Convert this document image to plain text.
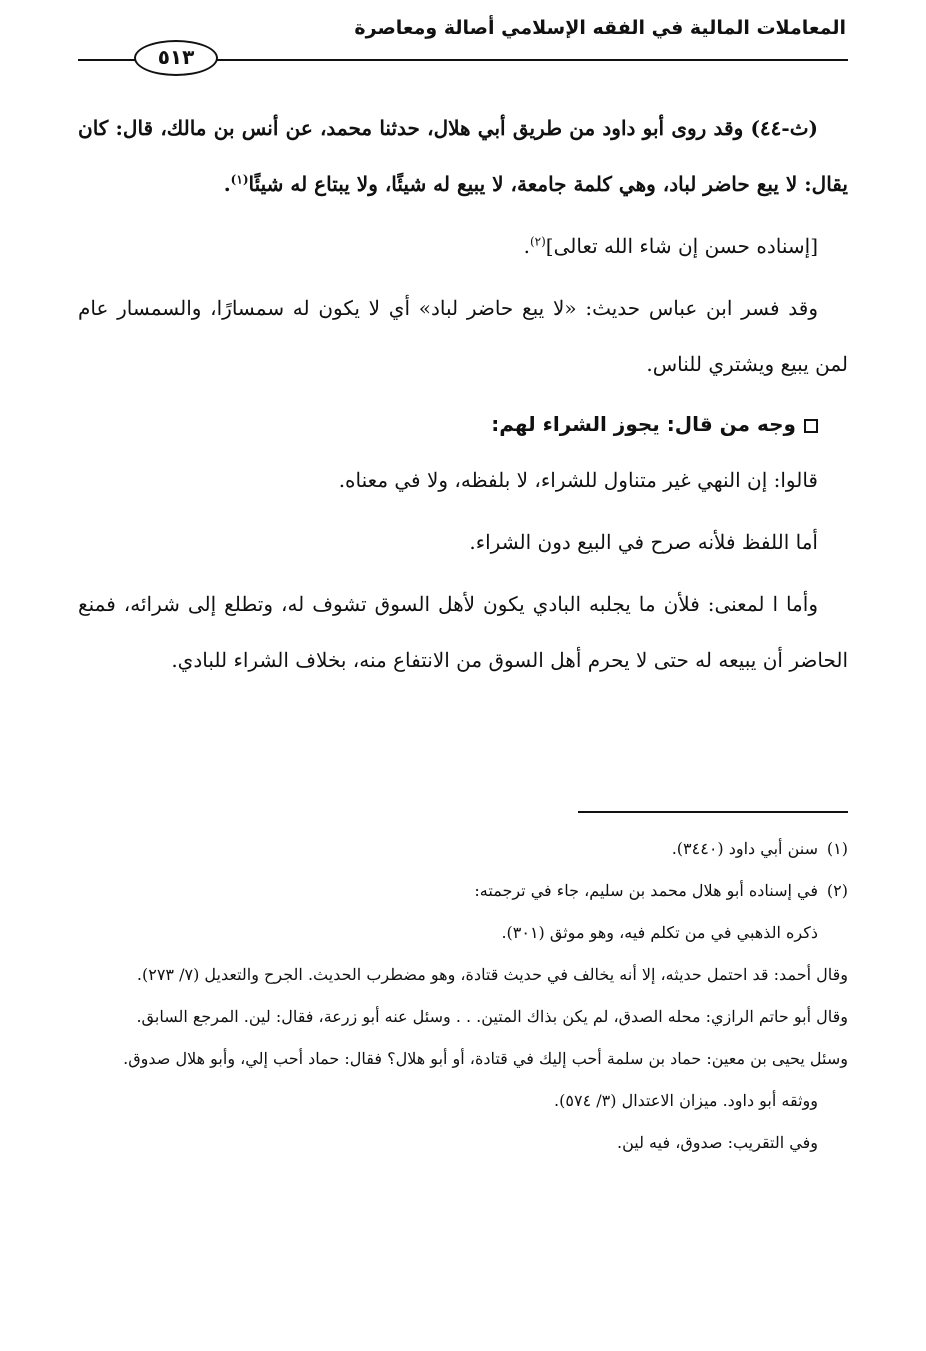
المعاملات المالية في الفقه الإسلامي أصالة ومعاصرة
٥١٣

(ث-٤٤) وقد روى أبو داود من طريق أبي هلال، حدثنا محمد، عن أنس بن مالك، قال: كان يقال: لا يبع حاضر لباد، وهي كلمة جامعة، لا يبيع له شيئًا، ولا يبتاع له شيئًا$^{(١)}$.

[إسناده حسن إن شاء الله تعالى]$^{(٢)}$.

وقد فسر ابن عباس حديث: «لا يبع حاضر لباد» أي لا يكون له سمسارًا، والسمسار عام لمن يبيع ويشتري للناس.

وجه من قال: يجوز الشراء لهم:

قالوا: إن النهي غير متناول للشراء، لا بلفظه، ولا في معناه.

أما اللفظ فلأنه صرح في البيع دون الشراء.

وأما ا لمعنى: فلأن ما يجلبه البادي يكون لأهل السوق تشوف له، وتطلع إلى شرائه، فمنع الحاضر أن يبيعه له حتى لا يحرم أهل السوق من الانتفاع منه، بخلاف الشراء للبادي.

(١)سنن أبي داود (٣٤٤٠).

(٢)في إسناده أبو هلال محمد بن سليم، جاء في ترجمته:

ذكره الذهبي في من تكلم فيه، وهو موثق (٣٠١).

وقال أحمد: قد احتمل حديثه، إلا أنه يخالف في حديث قتادة، وهو مضطرب الحديث. الجرح والتعديل (٧/ ٢٧٣).

وقال أبو حاتم الرازي: محله الصدق، لم يكن بذاك المتين. . . وسئل عنه أبو زرعة، فقال: لين. المرجع السابق.

وسئل يحيى بن معين: حماد بن سلمة أحب إليك في قتادة، أو أبو هلال؟ فقال: حماد أحب إلي، وأبو هلال صدوق.

ووثقه أبو داود. ميزان الاعتدال (٣/ ٥٧٤).

وفي التقريب: صدوق، فيه لين.
